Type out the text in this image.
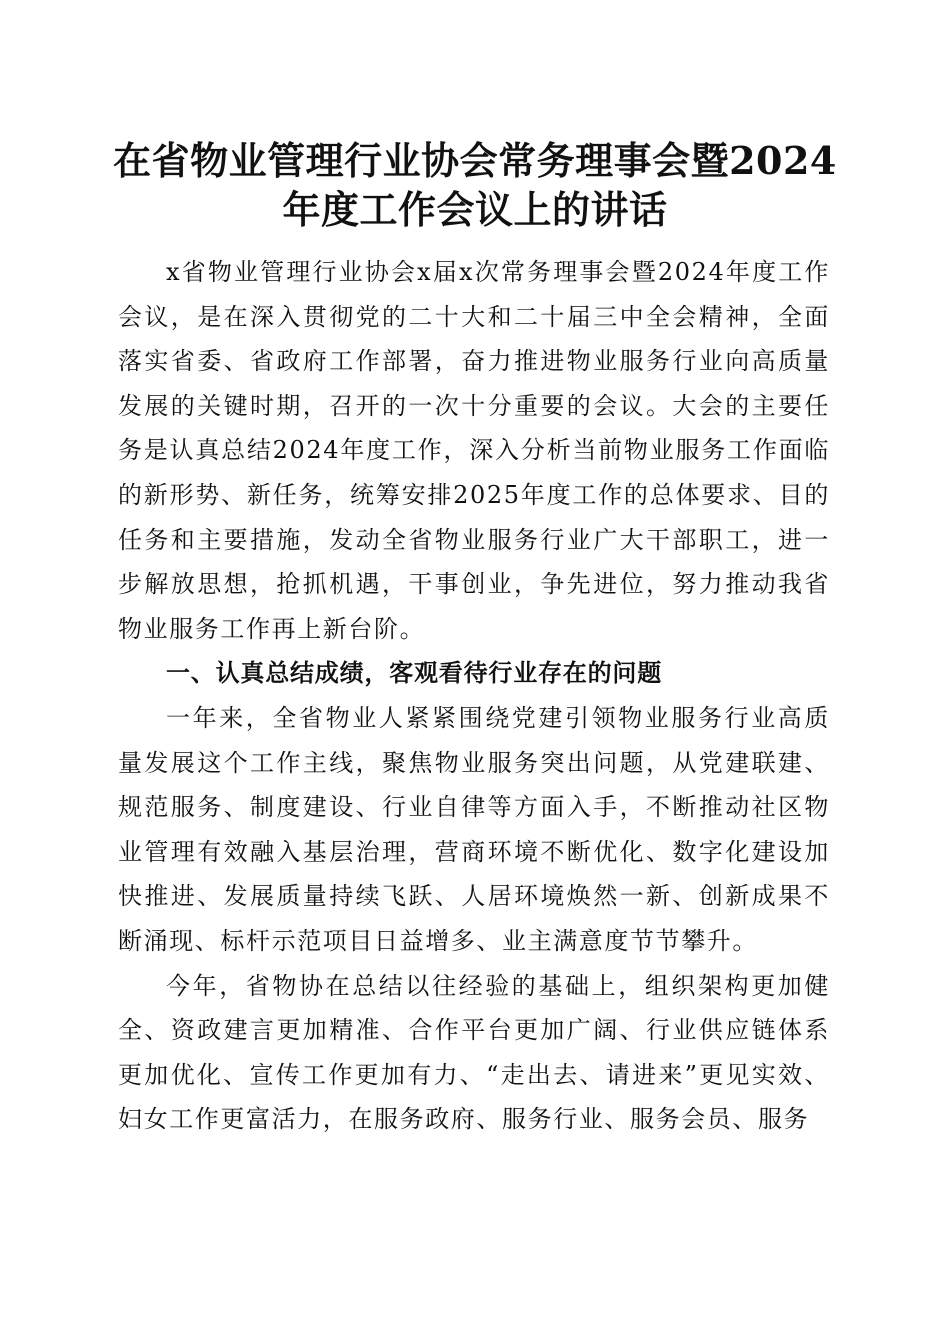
在省物业管理行业协会常务理事会暨2024年度工作会议上的讲话

x省物业管理行业协会x届x次常务理事会暨2024年度工作会议，是在深入贯彻党的二十大和二十届三中全会精神，全面落实省委、省政府工作部署，奋力推进物业服务行业向高质量发展的关键时期，召开的一次十分重要的会议。大会的主要任务是认真总结2024年度工作，深入分析当前物业服务工作面临的新形势、新任务，统筹安排2025年度工作的总体要求、目的任务和主要措施，发动全省物业服务行业广大干部职工，进一步解放思想，抢抓机遇，干事创业，争先进位，努力推动我省物业服务工作再上新台阶。

一、认真总结成绩，客观看待行业存在的问题

一年来，全省物业人紧紧围绕党建引领物业服务行业高质量发展这个工作主线，聚焦物业服务突出问题，从党建联建、规范服务、制度建设、行业自律等方面入手，不断推动社区物业管理有效融入基层治理，营商环境不断优化、数字化建设加快推进、发展质量持续飞跃、人居环境焕然一新、创新成果不断涌现、标杆示范项目日益增多、业主满意度节节攀升。

今年，省物协在总结以往经验的基础上，组织架构更加健全、资政建言更加精准、合作平台更加广阔、行业供应链体系更加优化、宣传工作更加有力、“走出去、请进来”更见实效、妇女工作更富活力，在服务政府、服务行业、服务会员、服务
